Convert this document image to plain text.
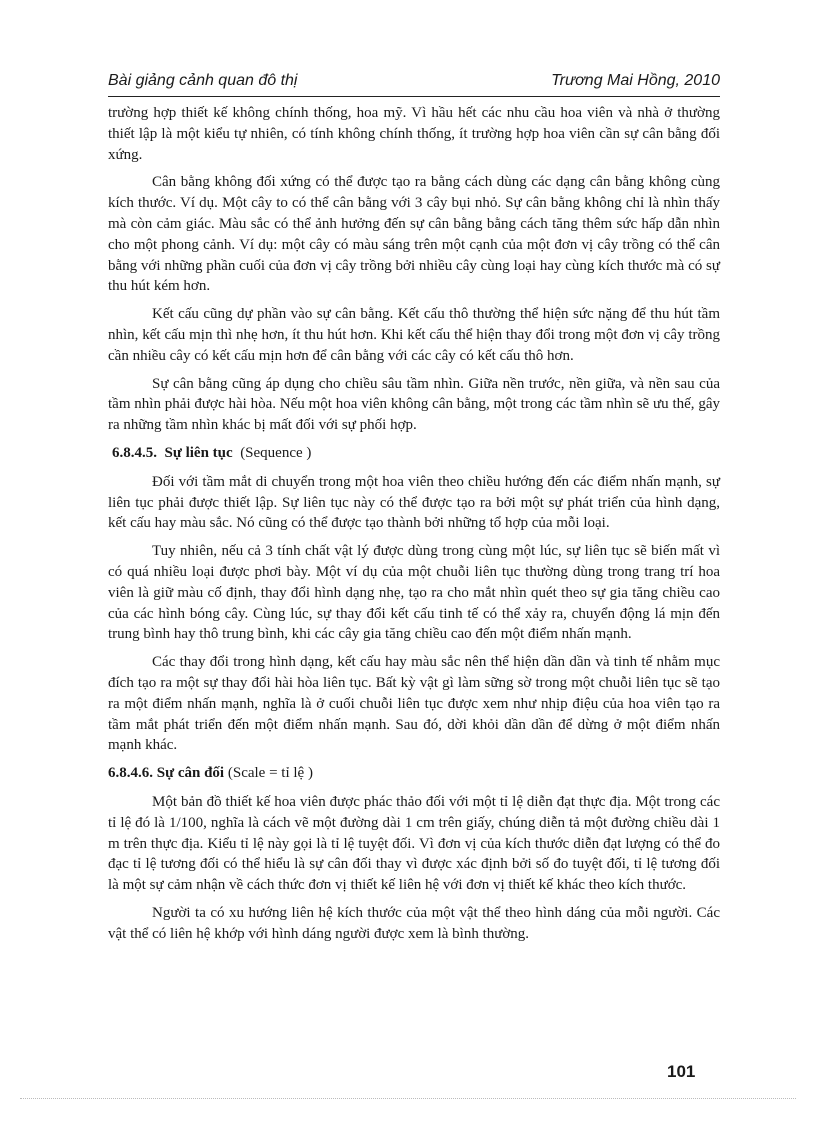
Bài giảng cảnh quan đô thị	Trương Mai Hồng, 2010

trường hợp thiết kế không chính thống, hoa mỹ. Vì hầu hết các nhu cầu hoa viên và nhà ở thường thiết lập là một kiểu tự nhiên, có tính không chính thống, ít trường hợp hoa viên cần sự cân bằng đối xứng.

Cân bằng không đối xứng có thể được tạo ra bằng cách dùng các dạng cân bằng không cùng kích thước. Ví dụ. Một cây to có thể cân bằng với 3 cây bụi nhỏ. Sự cân bằng không chỉ là nhìn thấy mà còn cảm giác. Màu sắc có thể ảnh hưởng đến sự cân bằng bằng cách tăng thêm sức hấp dẫn nhìn cho một phong cảnh. Ví dụ: một cây có màu sáng trên một cạnh của một đơn vị cây trồng có thể cân bằng với những phần cuối của đơn vị cây trồng bởi nhiều cây cùng loại hay cùng kích thước mà có sự thu hút kém hơn.

Kết cấu cũng dự phần vào sự cân bằng. Kết cấu thô thường thể hiện sức nặng để thu hút tầm nhìn, kết cấu mịn thì nhẹ hơn, ít thu hút hơn. Khi kết cấu thể hiện thay đổi trong một đơn vị cây trồng cần nhiều cây có kết cấu mịn hơn để cân bằng với các cây có kết cấu thô hơn.

Sự cân bằng cũng áp dụng cho chiều sâu tầm nhìn. Giữa nền trước, nền giữa, và nền sau của tầm nhìn phải được hài hòa. Nếu một hoa viên không cân bằng, một trong các tầm nhìn sẽ ưu thế, gây ra những tầm nhìn khác bị mất đối với sự phối hợp.

6.8.4.5. Sự liên tục (Sequence )

Đối với tầm mắt di chuyển trong một hoa viên theo chiều hướng đến các điểm nhấn mạnh, sự liên tục phải được thiết lập. Sự liên tục này có thể được tạo ra bởi một sự phát triển của hình dạng, kết cấu hay màu sắc. Nó cũng có thể được tạo thành bởi những tổ hợp của mỗi loại.

Tuy nhiên, nếu cả 3 tính chất vật lý được dùng trong cùng một lúc, sự liên tục sẽ biến mất vì có quá nhiều loại được phơi bày. Một ví dụ của một chuỗi liên tục thường dùng trong trang trí hoa viên là giữ màu cố định, thay đổi hình dạng nhẹ, tạo ra cho mắt nhìn quét theo sự gia tăng chiều cao của các hình bóng cây. Cùng lúc, sự thay đổi kết cấu tinh tế có thể xảy ra, chuyển động lá mịn đến trung bình hay thô trung bình, khi các cây gia tăng chiều cao đến một điểm nhấn mạnh.

Các thay đổi trong hình dạng, kết cấu hay màu sắc nên thể hiện dần dần và tinh tế nhằm mục đích tạo ra một sự thay đổi hài hòa liên tục. Bất kỳ vật gì làm sững sờ trong một chuỗi liên tục sẽ tạo ra một điểm nhấn mạnh, nghĩa là ở cuối chuỗi liên tục được xem như nhịp điệu của hoa viên tạo ra tầm mắt phát triển đến một điểm nhấn mạnh. Sau đó, dời khỏi dần dần để dừng ở một điểm nhấn mạnh khác.

6.8.4.6. Sự cân đối (Scale = tỉ lệ )

Một bản đồ thiết kế hoa viên được phác thảo đối với một tỉ lệ diễn đạt thực địa. Một trong các tỉ lệ đó là 1/100, nghĩa là cách vẽ một đường dài 1 cm trên giấy, chúng diễn tả một đường chiều dài 1 m trên thực địa. Kiểu tỉ lệ này gọi là tỉ lệ tuyệt đối. Vì đơn vị của kích thước diễn đạt lượng có thể đo đạc tỉ lệ tương đối có thể hiểu là sự cân đối thay vì được xác định bởi số đo tuyệt đối, tỉ lệ tương đối là một sự cảm nhận về cách thức đơn vị thiết kế liên hệ với đơn vị thiết kế khác theo kích thước.

Người ta có xu hướng liên hệ kích thước của một vật thể theo hình dáng của mỗi người. Các vật thể có liên hệ khớp với hình dáng người được xem là bình thường.

101
